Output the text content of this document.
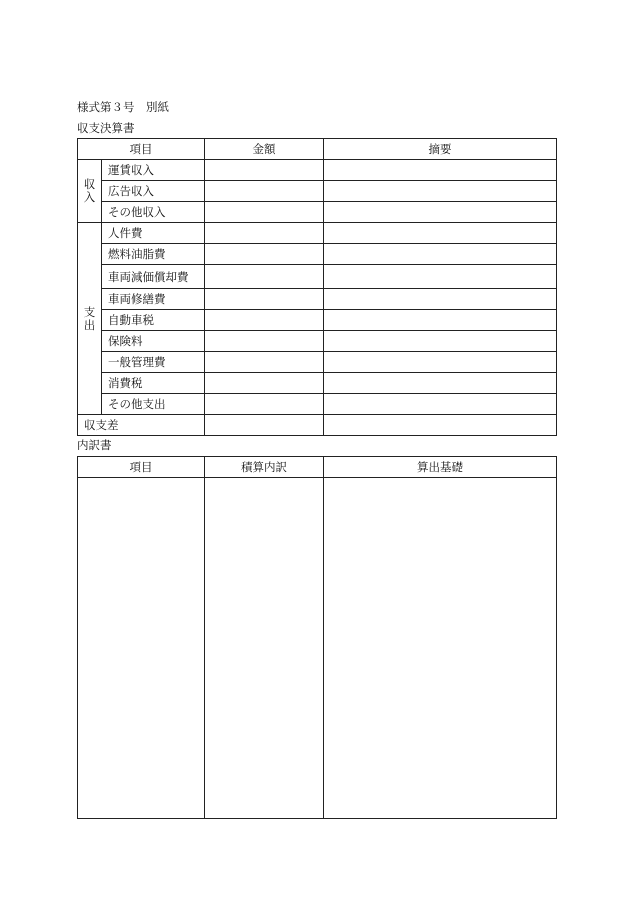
様式第３号　別紙
収支決算書
項目		金額	摘要

収
入	運賃収入		
	広告収入		
	その他収入		

支
出	人件費		
	燃料油脂費		
	車両減価償却費		
	車両修繕費		
	自動車税		
	保険料		
	一般管理費		
	消費税		
	その他支出		
収支差			
内訳書
項目	積算内訳	算出基礎
